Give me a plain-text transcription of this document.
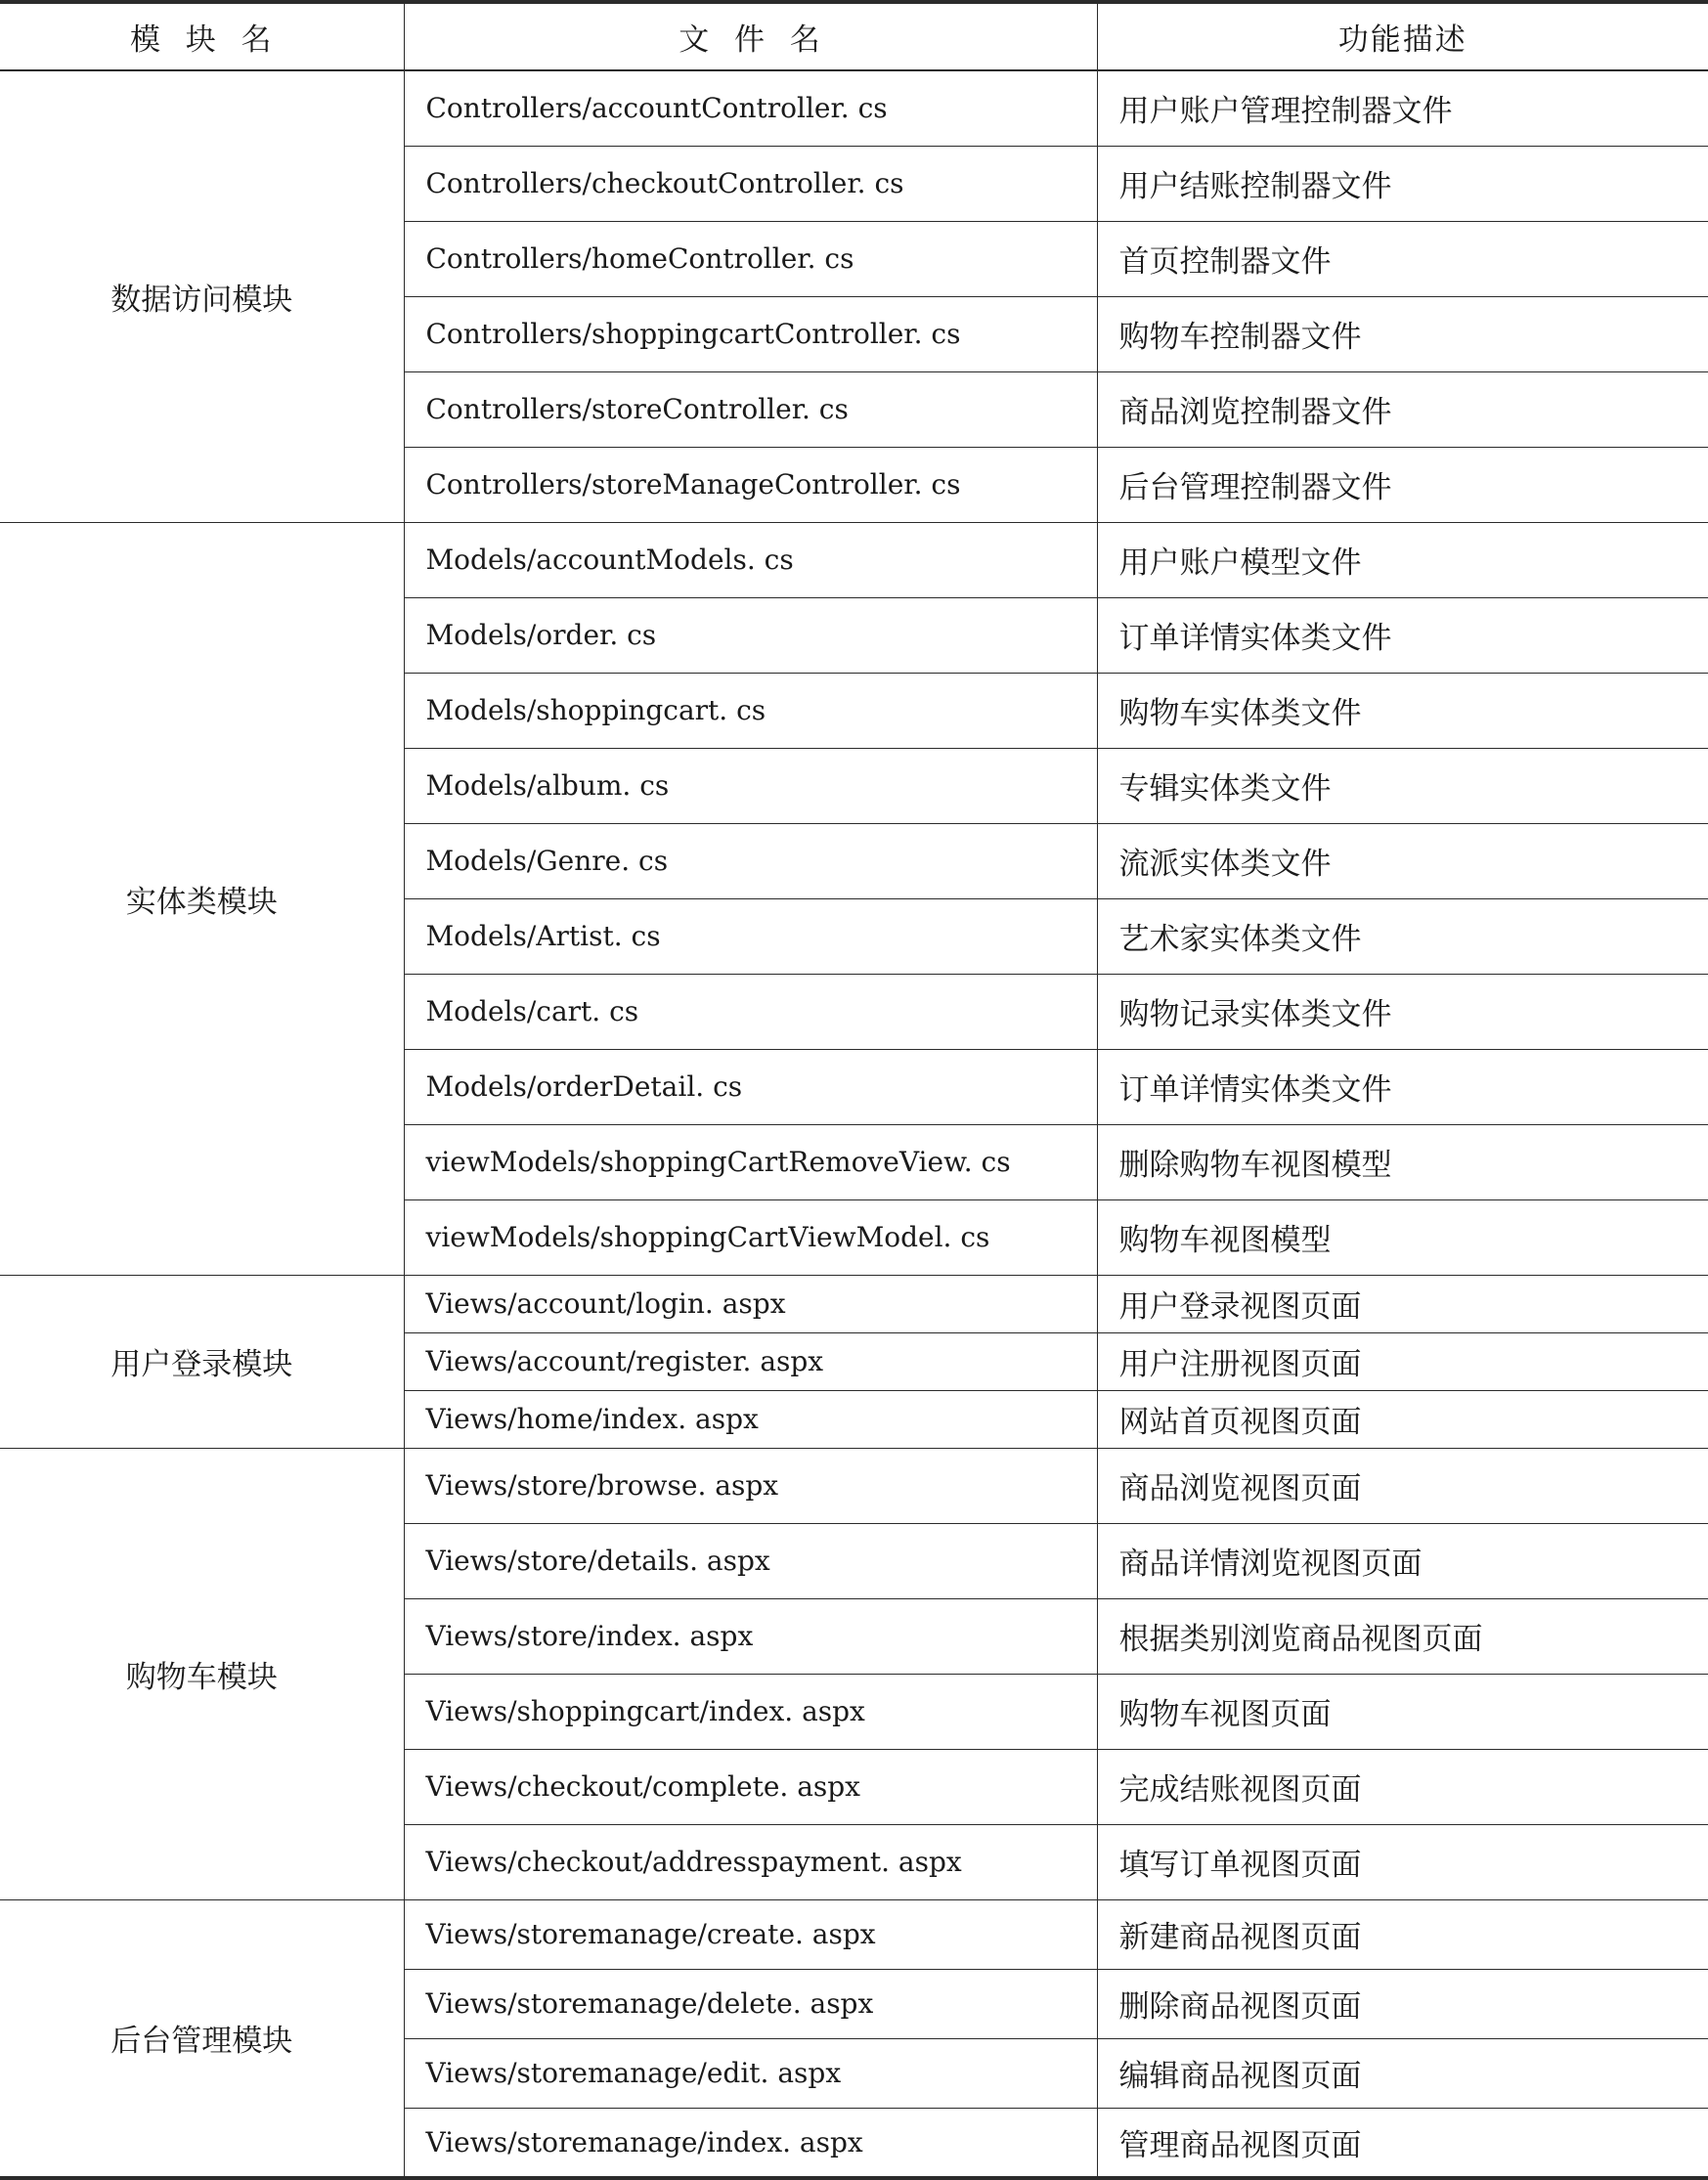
模  块  名	文  件  名	功能描述
数据访问模块	Controllers/accountController. cs	用户账户管理控制器文件
	Controllers/checkoutController. cs	用户结账控制器文件
	Controllers/homeController. cs	首页控制器文件
	Controllers/shoppingcartController. cs	购物车控制器文件
	Controllers/storeController. cs	商品浏览控制器文件
	Controllers/storeManageController. cs	后台管理控制器文件
实体类模块	Models/accountModels. cs	用户账户模型文件
	Models/order. cs	订单详情实体类文件
	Models/shoppingcart. cs	购物车实体类文件
	Models/album. cs	专辑实体类文件
	Models/Genre. cs	流派实体类文件
	Models/Artist. cs	艺术家实体类文件
	Models/cart. cs	购物记录实体类文件
	Models/orderDetail. cs	订单详情实体类文件
	viewModels/shoppingCartRemoveView. cs	删除购物车视图模型
	viewModels/shoppingCartViewModel. cs	购物车视图模型
用户登录模块	Views/account/login. aspx	用户登录视图页面
	Views/account/register. aspx	用户注册视图页面
	Views/home/index. aspx	网站首页视图页面
购物车模块	Views/store/browse. aspx	商品浏览视图页面
	Views/store/details. aspx	商品详情浏览视图页面
	Views/store/index. aspx	根据类别浏览商品视图页面
	Views/shoppingcart/index. aspx	购物车视图页面
	Views/checkout/complete. aspx	完成结账视图页面
	Views/checkout/addresspayment. aspx	填写订单视图页面
后台管理模块	Views/storemanage/create. aspx	新建商品视图页面
	Views/storemanage/delete. aspx	删除商品视图页面
	Views/storemanage/edit. aspx	编辑商品视图页面
	Views/storemanage/index. aspx	管理商品视图页面
